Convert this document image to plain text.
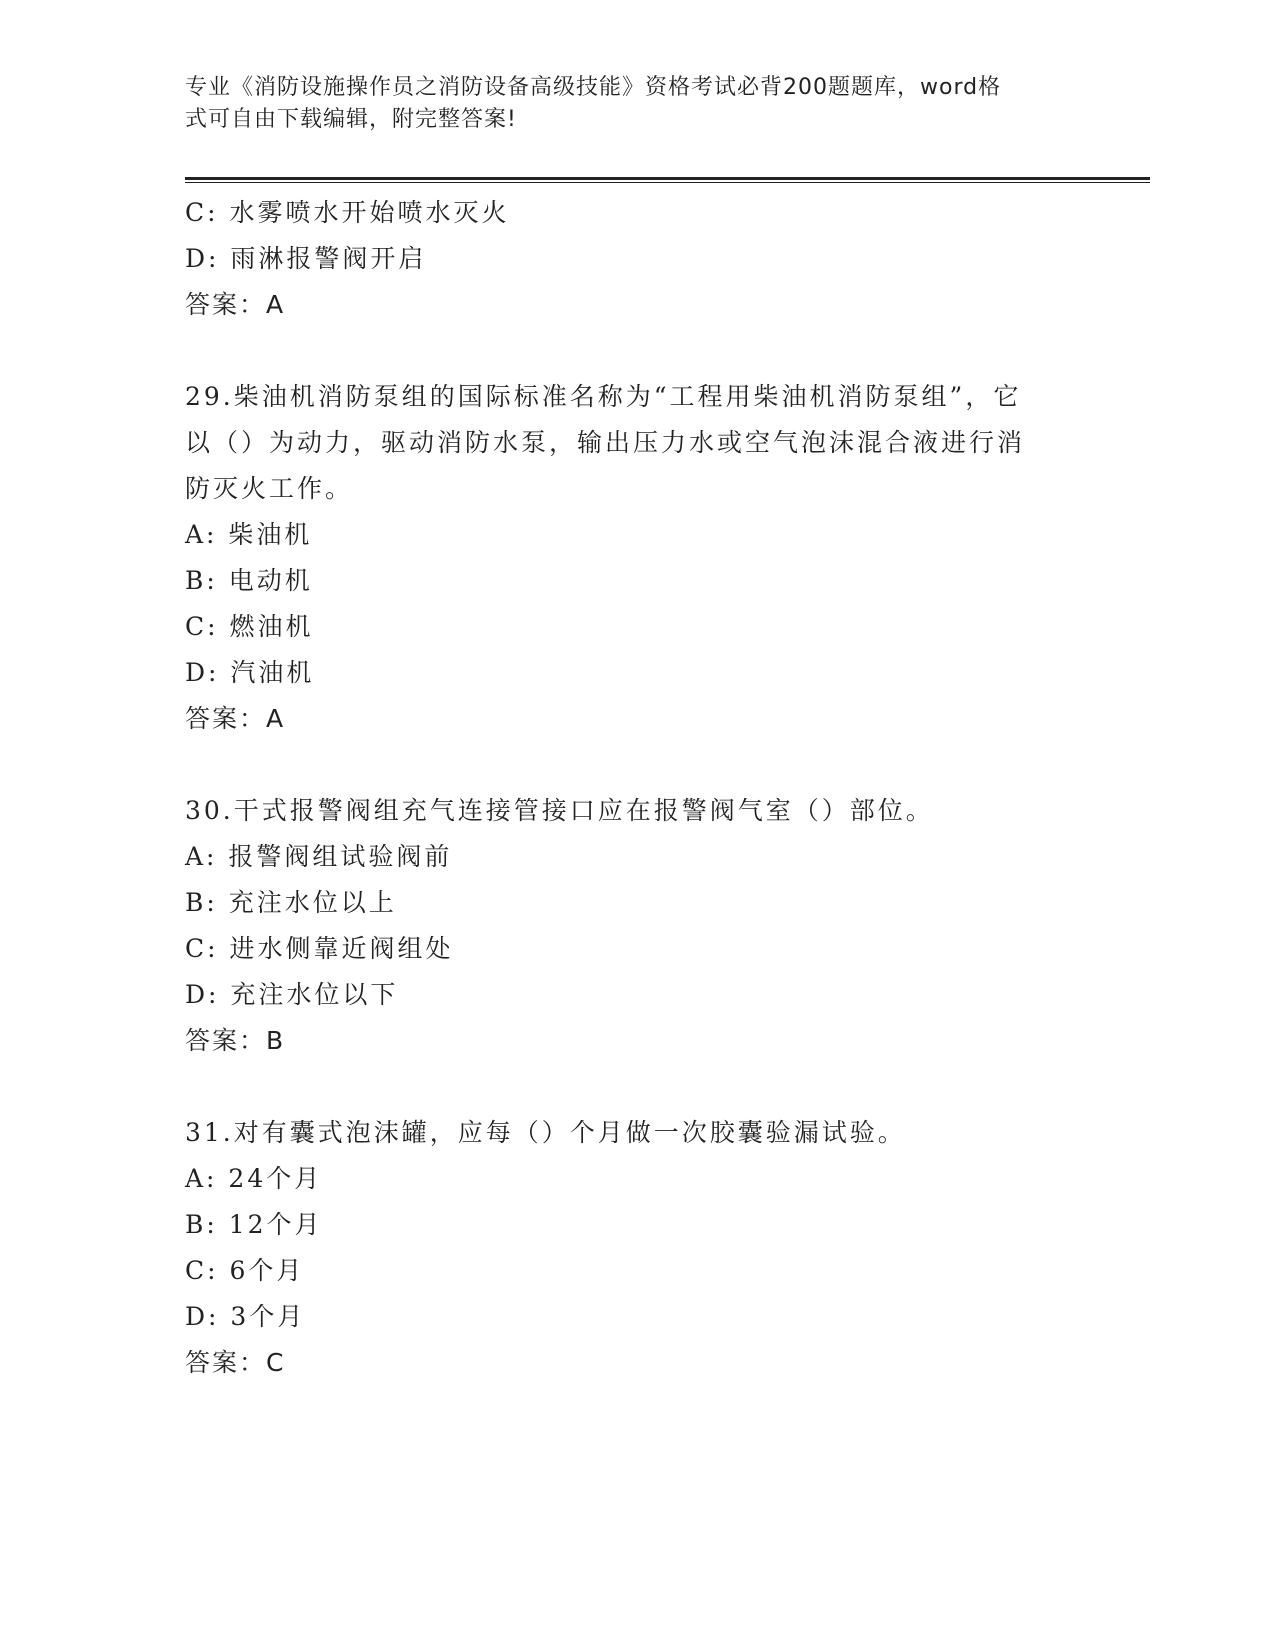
专业《消防设施操作员之消防设备高级技能》资格考试必背200题题库，word格
式可自由下载编辑，附完整答案!
C: 水雾喷水开始喷水灭火
D: 雨淋报警阀开启
答案：A
29.柴油机消防泵组的国际标准名称为“工程用柴油机消防泵组”，它
以（）为动力，驱动消防水泵，输出压力水或空气泡沫混合液进行消
防灭火工作。
A: 柴油机
B: 电动机
C: 燃油机
D: 汽油机
答案：A
30.干式报警阀组充气连接管接口应在报警阀气室（）部位。
A: 报警阀组试验阀前
B: 充注水位以上
C: 进水侧靠近阀组处
D: 充注水位以下
答案：B
31.对有囊式泡沫罐，应每（）个月做一次胶囊验漏试验。
A: 24个月
B: 12个月
C: 6个月
D: 3个月
答案：C
